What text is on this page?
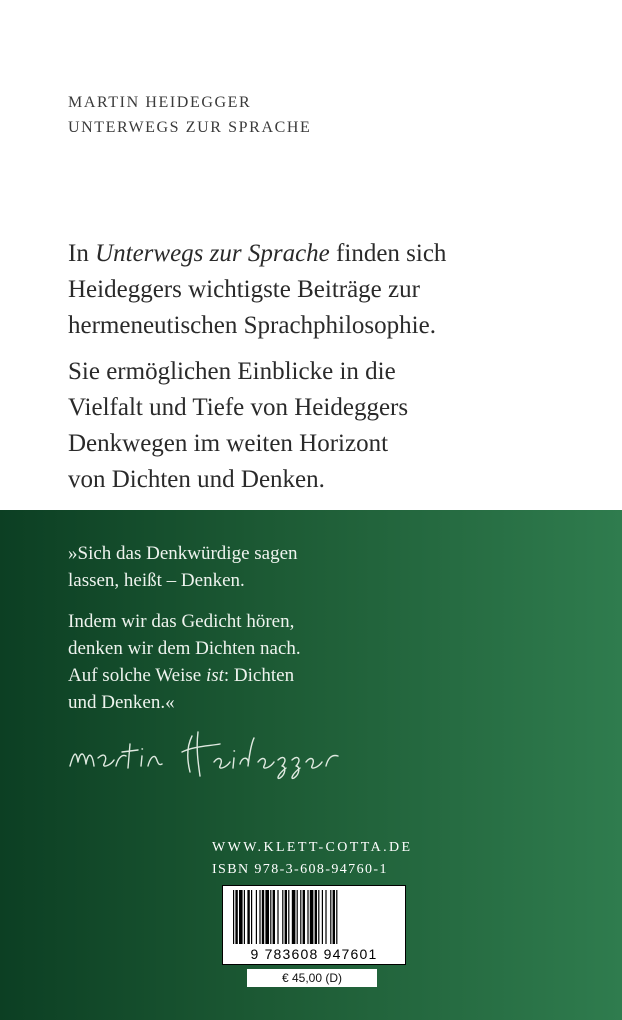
MARTIN HEIDEGGER
UNTERWEGS ZUR SPRACHE

In Unterwegs zur Sprache finden sich
Heideggers wichtigste Beiträge zur
hermeneutischen Sprachphilosophie.

Sie ermöglichen Einblicke in die
Vielfalt und Tiefe von Heideggers
Denkwegen im weiten Horizont
von Dichten und Denken.

»Sich das Denkwürdige sagen
lassen, heißt – Denken.

Indem wir das Gedicht hören,
denken wir dem Dichten nach.
Auf solche Weise ist: Dichten
und Denken.«

WWW.KLETT-COTTA.DE
ISBN 978-3-608-94760-1
9 783608 947601
€ 45,00 (D)
